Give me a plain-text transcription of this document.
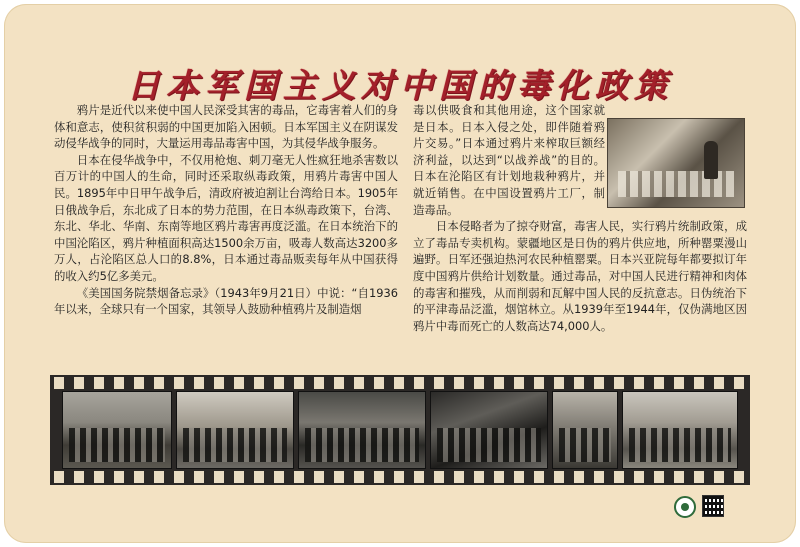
日本军国主义对中国的毒化政策

鸦片是近代以来使中国人民深受其害的毒品，它毒害着人们的身体和意志，使积贫积弱的中国更加陷入困顿。日本军国主义在阴谋发动侵华战争的同时，大量运用毒品毒害中国，为其侵华战争服务。

日本在侵华战争中，不仅用枪炮、刺刀毫无人性疯狂地杀害数以百万计的中国人的生命，同时还采取纵毒政策，用鸦片毒害中国人民。1895年中日甲午战争后，清政府被迫割让台湾给日本。1905年日俄战争后，东北成了日本的势力范围，在日本纵毒政策下，台湾、东北、华北、华南、东南等地区鸦片毒害再度泛滥。在日本统治下的中国沦陷区，鸦片种植面积高达1500余万亩，吸毒人数高达3200多万人，占沦陷区总人口的8.8%，日本通过毒品贩卖每年从中国获得的收入约5亿多美元。

《美国国务院禁烟备忘录》（1943年9月21日）中说：“自1936年以来，全球只有一个国家，其领导人鼓励种植鸦片及制造烟

毒以供吸食和其他用途，这个国家就是日本。日本入侵之处，即伴随着鸦片交易。”日本通过鸦片来榨取巨额经济利益，以达到“以战养战”的目的。日本在沦陷区有计划地栽种鸦片，并就近销售。在中国设置鸦片工厂，制造毒品。

日本侵略者为了掠夺财富，毒害人民，实行鸦片统制政策，成立了毒品专卖机构。蒙疆地区是日伪的鸦片供应地，所种罂粟漫山遍野。日军还强迫热河农民种植罂粟。日本兴亚院每年都要拟订年度中国鸦片供给计划数量。通过毒品，对中国人民进行精神和肉体的毒害和摧残，从而削弱和瓦解中国人民的反抗意志。日伪统治下的平津毒品泛滥，烟馆林立。从1939年至1944年，仅伪满地区因鸦片中毒而死亡的人数高达74,000人。
